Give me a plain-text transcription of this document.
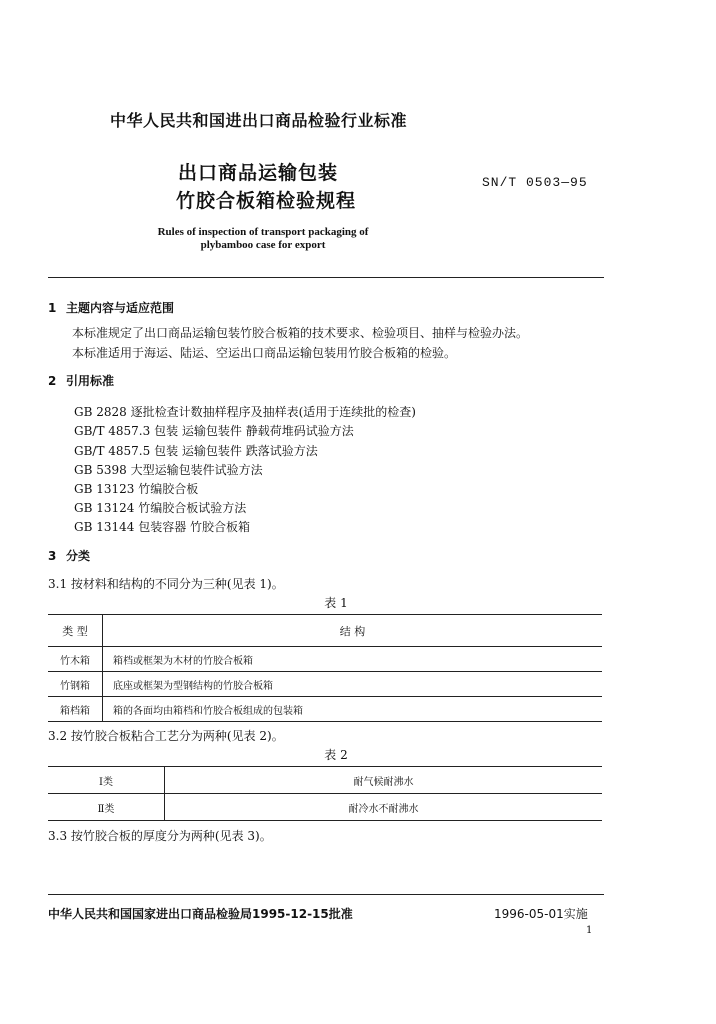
中华人民共和国进出口商品检验行业标准
出口商品运输包装
竹胶合板箱检验规程
SN/T 0503—95
Rules of inspection of transport packaging of
plybamboo case for export
1 主题内容与适应范围
本标准规定了出口商品运输包装竹胶合板箱的技术要求、检验项目、抽样与检验办法。
本标准适用于海运、陆运、空运出口商品运输包装用竹胶合板箱的检验。
2 引用标准
GB 2828 逐批检查计数抽样程序及抽样表(适用于连续批的检查)
GB/T 4857.3 包装 运输包装件 静载荷堆码试验方法
GB/T 4857.5 包装 运输包装件 跌落试验方法
GB 5398 大型运输包装件试验方法
GB 13123 竹编胶合板
GB 13124 竹编胶合板试验方法
GB 13144 包装容器 竹胶合板箱
3 分类
3.1 按材料和结构的不同分为三种(见表 1)。
表 1
类 型	结 构
竹木箱	箱档或框架为木材的竹胶合板箱
竹钢箱	底座或框架为型钢结构的竹胶合板箱
箱档箱	箱的各面均由箱档和竹胶合板组成的包装箱
3.2 按竹胶合板粘合工艺分为两种(见表 2)。
表 2
Ⅰ类	耐气候耐沸水
Ⅱ类	耐冷水不耐沸水
3.3 按竹胶合板的厚度分为两种(见表 3)。
中华人民共和国国家进出口商品检验局1995-12-15批准	1996-05-01实施
1
